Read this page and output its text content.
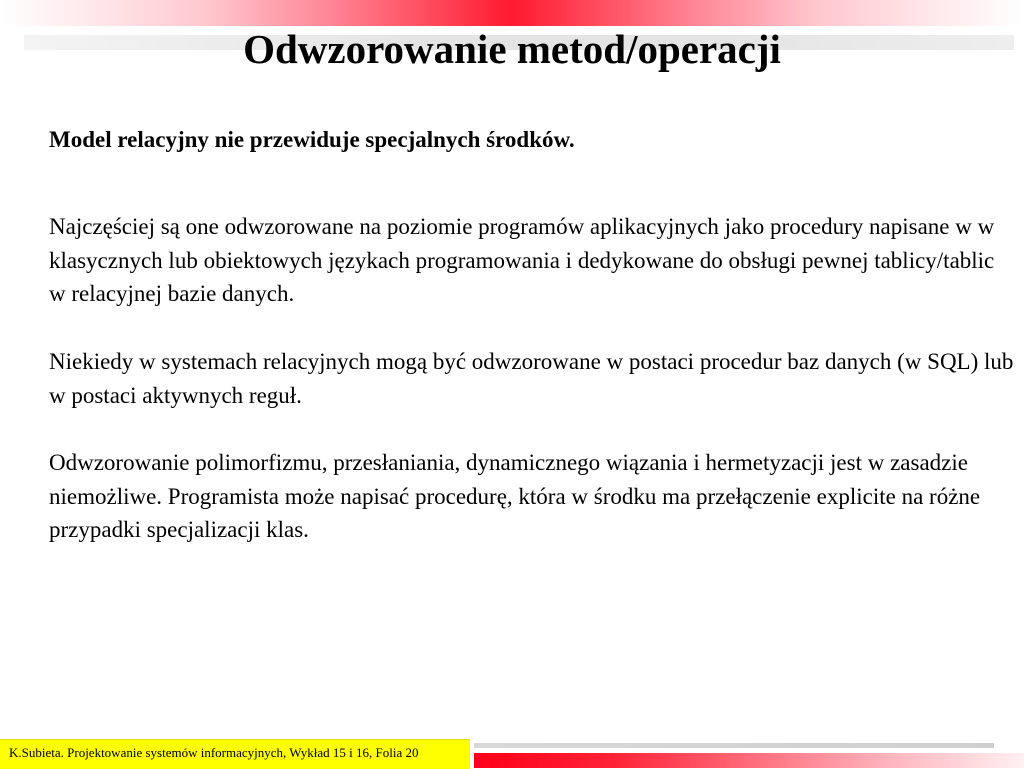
Odwzorowanie metod/operacji

Model relacyjny nie przewiduje specjalnych środków.

Najczęściej są one odwzorowane na poziomie programów aplikacyjnych jako procedury napisane w w klasycznych lub obiektowych językach programowania i dedykowane do obsługi pewnej tablicy/tablic w relacyjnej bazie danych.

Niekiedy w systemach relacyjnych mogą być odwzorowane w postaci procedur baz danych (w SQL) lub w postaci aktywnych reguł.

Odwzorowanie polimorfizmu, przesłaniania, dynamicznego wiązania i hermetyzacji jest w zasadzie niemożliwe. Programista może napisać procedurę, która w środku ma przełączenie explicite na różne przypadki specjalizacji klas.

K.Subieta. Projektowanie systemów informacyjnych, Wykład 15 i 16, Folia 20
